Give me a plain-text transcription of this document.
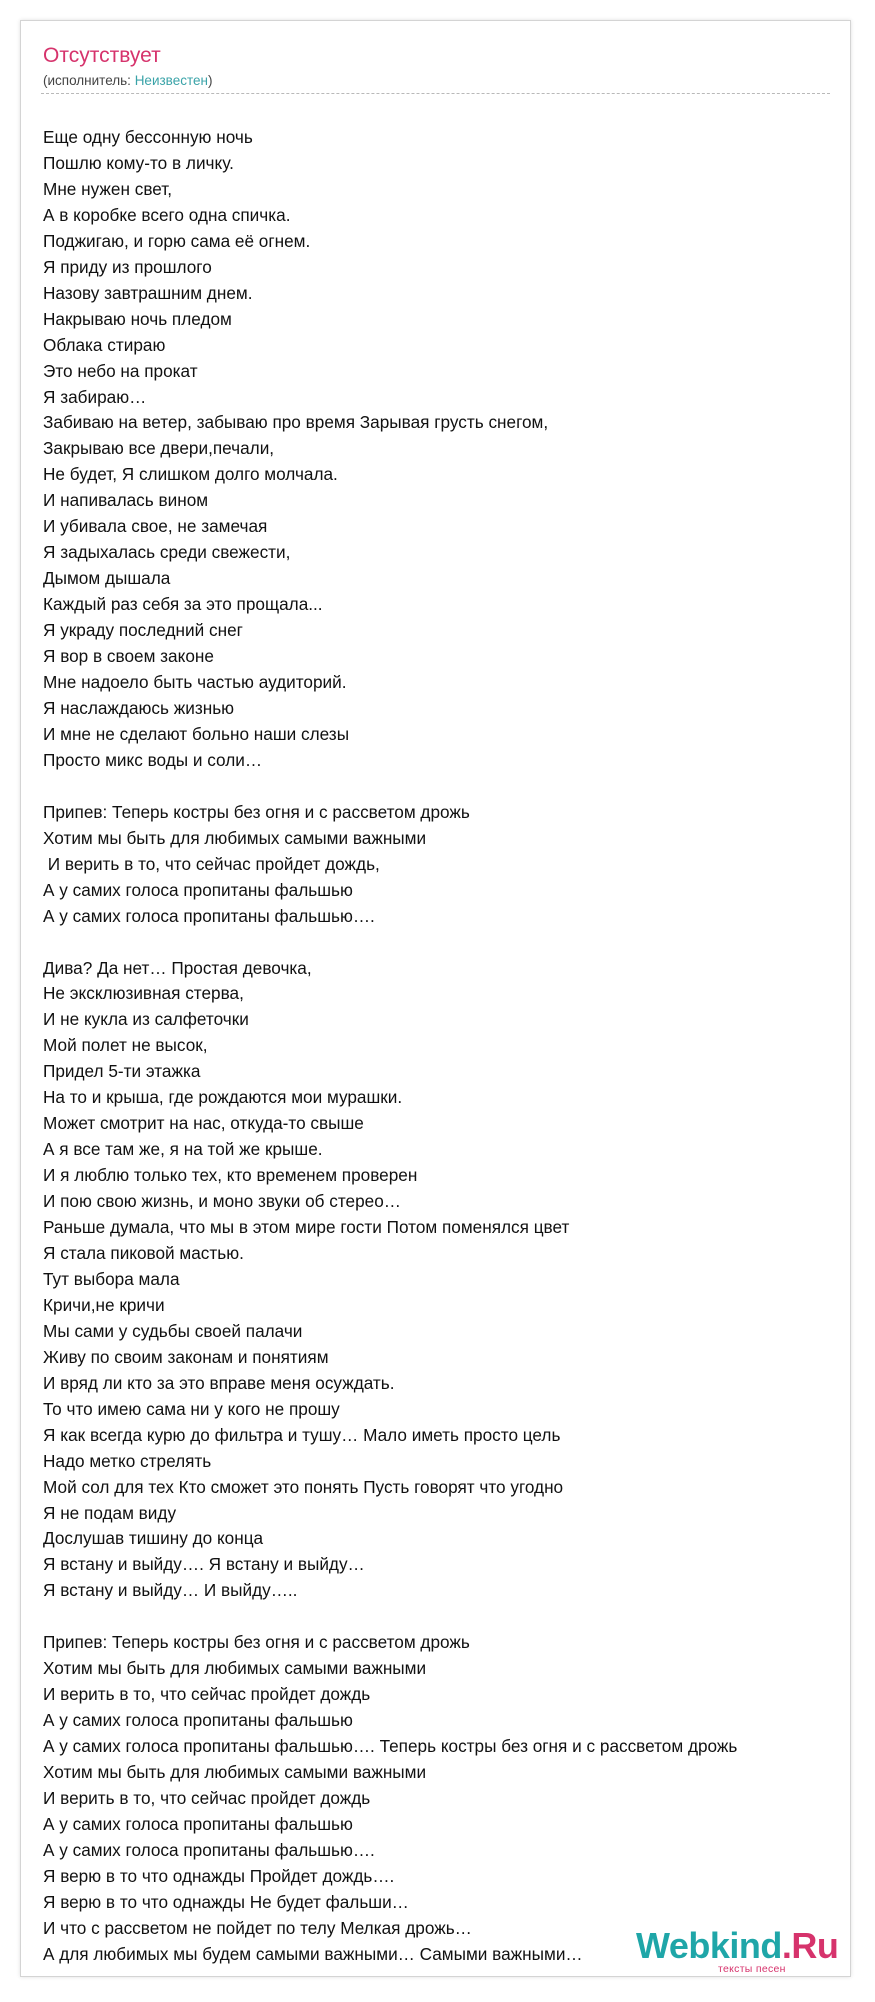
Отсутствует
(исполнитель: Неизвестен)
Еще одну бессонную ночь
Пошлю кому-то в личку.
Мне нужен свет,
А в коробке всего одна спичка.
Поджигаю, и горю сама её огнем.
Я приду из прошлого
Назову завтрашним днем.
Накрываю ночь пледом
Облака стираю
Это небо на прокат
Я забираю…
Забиваю на ветер, забываю про время Зарывая грусть снегом,
Закрываю все двери,печали,
Не будет, Я слишком долго молчала.
И напивалась вином
И убивала свое, не замечая
Я задыхалась среди свежести,
Дымом дышала
Каждый раз себя за это прощала...
Я украду последний снег
Я вор в своем законе
Мне надоело быть частью аудиторий.
Я наслаждаюсь жизнью
И мне не сделают больно наши слезы
Просто микс воды и соли…

Припев: Теперь костры без огня и с рассветом дрожь
Хотим мы быть для любимых самыми важными
И верить в то, что сейчас пройдет дождь,
А у самих голоса пропитаны фальшью
А у самих голоса пропитаны фальшью….

Дива? Да нет… Простая девочка,
Не эксклюзивная стерва,
И не кукла из салфеточки
Мой полет не высок,
Придел 5-ти этажка
На то и крыша, где рождаются мои мурашки.
Может смотрит на нас, откуда-то свыше
А я все там же, я на той же крыше.
И я люблю только тех, кто временем проверен
И пою свою жизнь, и моно звуки об стерео…
Раньше думала, что мы в этом мире гости Потом поменялся цвет
Я стала пиковой мастью.
Тут выбора мала
Кричи,не кричи
Мы сами у судьбы своей палачи
Живу по своим законам и понятиям
И вряд ли кто за это вправе меня осуждать.
То что имею сама ни у кого не прошу
Я как всегда курю до фильтра и тушу… Мало иметь просто цель
Надо метко стрелять
Мой сол для тех Кто сможет это понять Пусть говорят что угодно
Я не подам виду
Дослушав тишину до конца
Я встану и выйду…. Я встану и выйду…
Я встану и выйду… И выйду…..

Припев: Теперь костры без огня и с рассветом дрожь
Хотим мы быть для любимых самыми важными
И верить в то, что сейчас пройдет дождь
А у самих голоса пропитаны фальшью
А у самих голоса пропитаны фальшью…. Теперь костры без огня и с рассветом дрожь
Хотим мы быть для любимых самыми важными
И верить в то, что сейчас пройдет дождь
А у самих голоса пропитаны фальшью
А у самих голоса пропитаны фальшью….
Я верю в то что однажды Пройдет дождь….
Я верю в то что однажды Не будет фальши…
И что с рассветом не пойдет по телу Мелкая дрожь…
А для любимых мы будем самыми важными… Самыми важными…	Webkind.Ru
тексты песен
